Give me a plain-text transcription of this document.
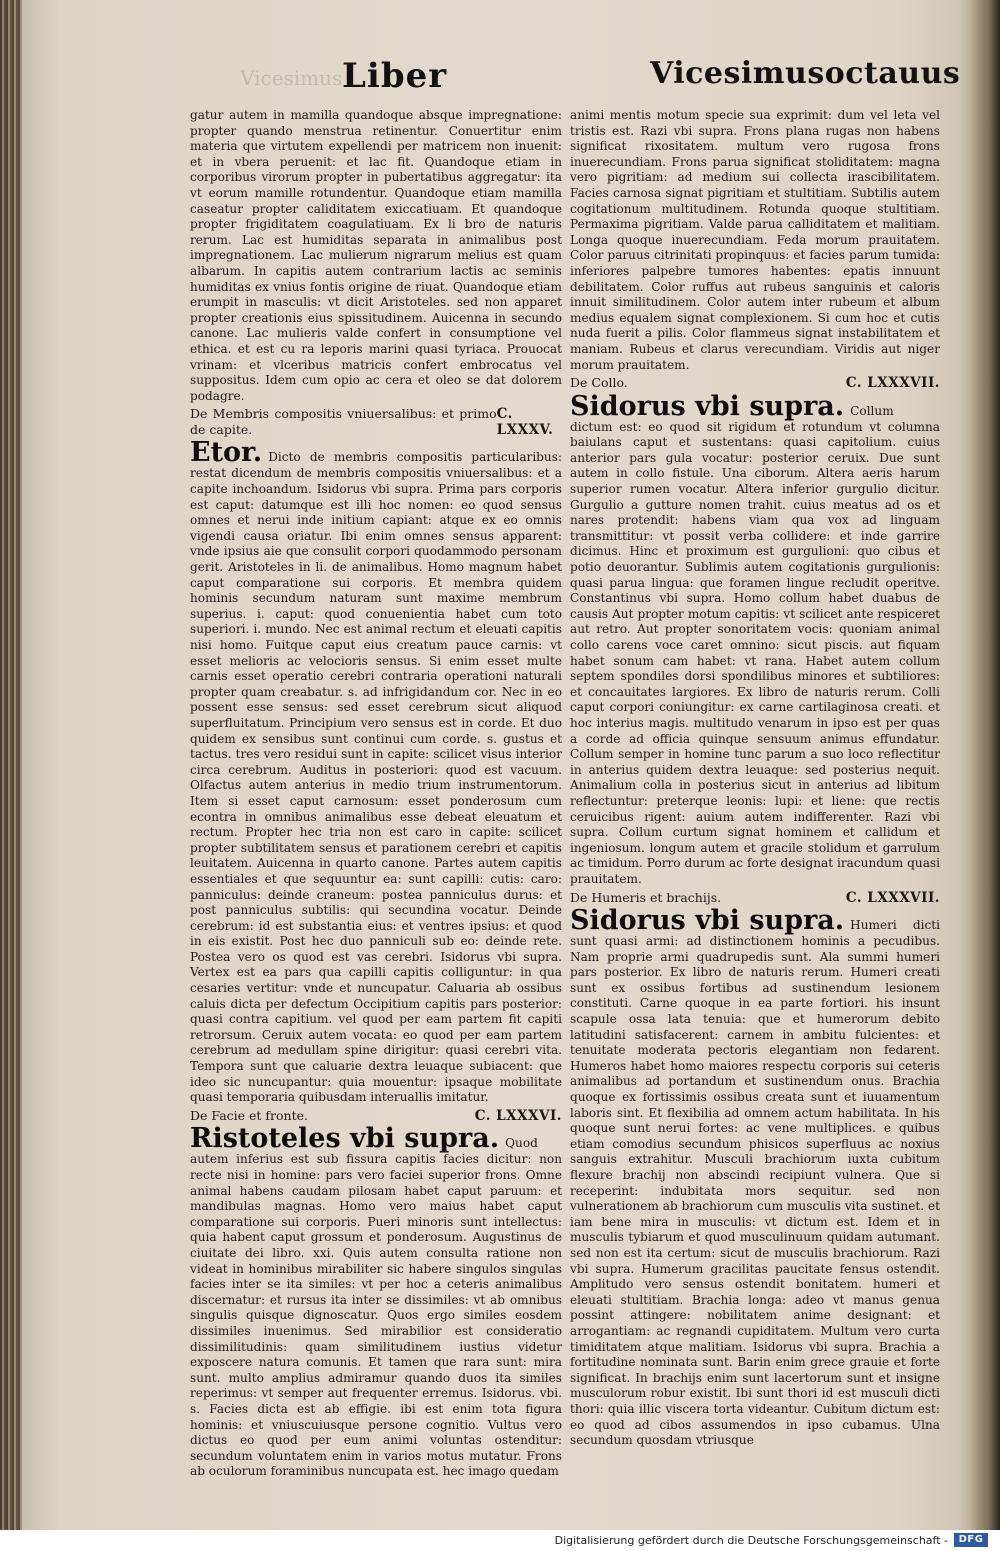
Vicesimus Liber	Vicesimusoctauus

gatur autem in mamilla quandoque absque impregnatione: propter quando menstrua retinentur. Conuertitur enim materia que virtutem expellendi per matricem non inuenit: et in vbera peruenit: et lac fit. Quandoque etiam in corporibus virorum propter in pubertatibus aggregatur: ita vt eorum mamille rotundentur. Quandoque etiam mamilla caseatur propter caliditatem exiccatiuam. Et quandoque propter frigiditatem coagulatiuam. Ex li bro de naturis rerum. Lac est humiditas separata in animalibus post impregnationem. Lac mulierum nigrarum melius est quam albarum. In capitis autem contrarium lactis ac seminis humiditas ex vnius fontis origine de riuat. Quandoque etiam erumpit in masculis: vt dicit Aristoteles. sed non apparet propter creationis eius spissitudinem. Auicenna in secundo canone. Lac mulieris valde confert in consumptione vel ethica. et est cu ra leporis marini quasi tyriaca. Prouocat vrinam: et vlceribus matricis confert embrocatus vel suppositus. Idem cum opio ac cera et oleo se dat dolorem podagre.

De Membris compositis vniuersalibus: et primo de capite.
C. LXXXV.

Etor. Dicto de membris compositis particularibus: restat dicendum de membris compositis vniuersalibus: et a capite inchoandum. Isidorus vbi supra. Prima pars corporis est caput: datumque est illi hoc nomen: eo quod sensus omnes et nerui inde initium capiant: atque ex eo omnis vigendi causa oriatur. Ibi enim omnes sensus apparent: vnde ipsius aie que consulit corpori quodammodo personam gerit. Aristoteles in li. de animalibus. Homo magnum habet caput comparatione sui corporis. Et membra quidem hominis secundum naturam sunt maxime membrum superius. i. caput: quod conuenientia habet cum toto superiori. i. mundo. Nec est animal rectum et eleuati capitis nisi homo. Fuitque caput eius creatum pauce carnis: vt esset melioris ac velocioris sensus. Si enim esset multe carnis esset operatio cerebri contraria operationi naturali propter quam creabatur. s. ad infrigidandum cor. Nec in eo possent esse sensus: sed esset cerebrum sicut aliquod superfluitatum. Principium vero sensus est in corde. Et duo quidem ex sensibus sunt continui cum corde. s. gustus et tactus. tres vero residui sunt in capite: scilicet visus interior circa cerebrum. Auditus in posteriori: quod est vacuum. Olfactus autem anterius in medio trium instrumentorum. Item si esset caput carnosum: esset ponderosum cum econtra in omnibus animalibus esse debeat eleuatum et rectum. Propter hec tria non est caro in capite: scilicet propter subtilitatem sensus et parationem cerebri et capitis leuitatem. Auicenna in quarto canone. Partes autem capitis essentiales et que sequuntur ea: sunt capilli: cutis: caro: panniculus: deinde craneum: postea panniculus durus: et post panniculus subtilis: qui secundina vocatur. Deinde cerebrum: id est substantia eius: et ventres ipsius: et quod in eis existit. Post hec duo panniculi sub eo: deinde rete. Postea vero os quod est vas cerebri. Isidorus vbi supra. Vertex est ea pars qua capilli capitis colliguntur: in qua cesaries vertitur: vnde et nuncupatur. Caluaria ab ossibus caluis dicta per defectum Occipitium capitis pars posterior: quasi contra capitium. vel quod per eam partem fit capiti retrorsum. Ceruix autem vocata: eo quod per eam partem cerebrum ad medullam spine dirigitur: quasi cerebri vita. Tempora sunt que caluarie dextra leuaque subiacent: que ideo sic nuncupantur: quia mouentur: ipsaque mobilitate quasi temporaria quibusdam interuallis imitatur.

De Facie et fronte.	C. LXXXVI.

Ristoteles vbi supra. Quod autem inferius est sub fissura capitis facies dicitur: non recte nisi in homine: pars vero faciei superior frons. Omne animal habens caudam pilosam habet caput paruum: et mandibulas magnas. Homo vero maius habet caput comparatione sui corporis. Pueri minoris sunt intellectus: quia habent caput grossum et ponderosum. Augustinus de ciuitate dei libro. xxi. Quis autem consulta ratione non videat in hominibus mirabiliter sic habere singulos singulas facies inter se ita similes: vt per hoc a ceteris animalibus discernatur: et rursus ita inter se dissimiles: vt ab omnibus singulis quisque dignoscatur. Quos ergo similes eosdem dissimiles inuenimus. Sed mirabilior est consideratio dissimilitudinis: quam similitudinem iustius videtur exposcere natura comunis. Et tamen que rara sunt: mira sunt. multo amplius admiramur quando duos ita similes reperimus: vt semper aut frequenter erremus. Isidorus. vbi. s. Facies dicta est ab effigie. ibi est enim tota figura hominis: et vniuscuiusque persone cognitio. Vultus vero dictus eo quod per eum animi voluntas ostenditur: secundum voluntatem enim in varios motus mutatur. Frons ab oculorum foraminibus nuncupata est. hec imago quedam

animi mentis motum specie sua exprimit: dum vel leta vel tristis est. Razi vbi supra. Frons plana rugas non habens significat rixositatem. multum vero rugosa frons inuerecundiam. Frons parua significat stoliditatem: magna vero pigritiam: ad medium sui collecta irascibilitatem. Facies carnosa signat pigritiam et stultitiam. Subtilis autem cogitationum multitudinem. Rotunda quoque stultitiam. Permaxima pigritiam. Valde parua calliditatem et malitiam. Longa quoque inuerecundiam. Feda morum prauitatem. Color paruus citrinitati propinquus: et facies parum tumida: inferiores palpebre tumores habentes: epatis innuunt debilitatem. Color ruffus aut rubeus sanguinis et caloris innuit similitudinem. Color autem inter rubeum et album medius equalem signat complexionem. Si cum hoc et cutis nuda fuerit a pilis. Color flammeus signat instabilitatem et maniam. Rubeus et clarus verecundiam. Viridis aut niger morum prauitatem.

De Collo.	C. LXXXVII.

Sidorus vbi supra. Collum dictum est: eo quod sit rigidum et rotundum vt columna baiulans caput et sustentans: quasi capitolium. cuius anterior pars gula vocatur: posterior ceruix. Due sunt autem in collo fistule. Una ciborum. Altera aeris harum superior rumen vocatur. Altera inferior gurgulio dicitur. Gurgulio a gutture nomen trahit. cuius meatus ad os et nares protendit: habens viam qua vox ad linguam transmittitur: vt possit verba collidere: et inde garrire dicimus. Hinc et proximum est gurgulioni: quo cibus et potio deuorantur. Sublimis autem cogitationis gurgulionis: quasi parua lingua: que foramen lingue recludit operitve. Constantinus vbi supra. Homo collum habet duabus de causis Aut propter motum capitis: vt scilicet ante respiceret aut retro. Aut propter sonoritatem vocis: quoniam animal collo carens voce caret omnino: sicut piscis. aut fiquam habet sonum cam habet: vt rana. Habet autem collum septem spondiles dorsi spondilibus minores et subtiliores: et concauitates largiores. Ex libro de naturis rerum. Colli caput corpori coniungitur: ex carne cartilaginosa creati. et hoc interius magis. multitudo venarum in ipso est per quas a corde ad officia quinque sensuum animus effundatur. Collum semper in homine tunc parum a suo loco reflectitur in anterius quidem dextra leuaque: sed posterius nequit. Animalium colla in posterius sicut in anterius ad libitum reflectuntur: preterque leonis: lupi: et liene: que rectis ceruicibus rigent: auium autem indifferenter. Razi vbi supra. Collum curtum signat hominem et callidum et ingeniosum. longum autem et gracile stolidum et garrulum ac timidum. Porro durum ac forte designat iracundum quasi prauitatem.

De Humeris et brachijs.	C. LXXXVII.

Sidorus vbi supra. Humeri dicti sunt quasi armi: ad distinctionem hominis a pecudibus. Nam proprie armi quadrupedis sunt. Ala summi humeri pars posterior. Ex libro de naturis rerum. Humeri creati sunt ex ossibus fortibus ad sustinendum lesionem constituti. Carne quoque in ea parte fortiori. his insunt scapule ossa lata tenuia: que et humerorum debito latitudini satisfacerent: carnem in ambitu fulcientes: et tenuitate moderata pectoris elegantiam non fedarent. Humeros habet homo maiores respectu corporis sui ceteris animalibus ad portandum et sustinendum onus. Brachia quoque ex fortissimis ossibus creata sunt et iuuamentum laboris sint. Et flexibilia ad omnem actum habilitata. In his quoque sunt nerui fortes: ac vene multiplices. e quibus etiam comodius secundum phisicos superfluus ac noxius sanguis extrahitur. Musculi brachiorum iuxta cubitum flexure brachij non abscindi recipiunt vulnera. Que si receperint: indubitata mors sequitur. sed non vulnerationem ab brachiorum cum musculis vita sustinet. et iam bene mira in musculis: vt dictum est. Idem et in musculis tybiarum et quod musculinuum quidam autumant. sed non est ita certum: sicut de musculis brachiorum. Razi vbi supra. Humerum gracilitas paucitate fensus ostendit. Amplitudo vero sensus ostendit bonitatem. humeri et eleuati stultitiam. Brachia longa: adeo vt manus genua possint attingere: nobilitatem anime designant: et arrogantiam: ac regnandi cupiditatem. Multum vero curta timiditatem atque malitiam. Isidorus vbi supra. Brachia a fortitudine nominata sunt. Barin enim grece grauie et forte significat. In brachijs enim sunt lacertorum sunt et insigne musculorum robur existit. Ibi sunt thori id est musculi dicti thori: quia illic viscera torta videantur. Cubitum dictum est: eo quod ad cibos assumendos in ipso cubamus. Ulna secundum quosdam vtriusque

Digitalisierung gefördert durch die Deutsche Forschungsgemeinschaft -	DFG
